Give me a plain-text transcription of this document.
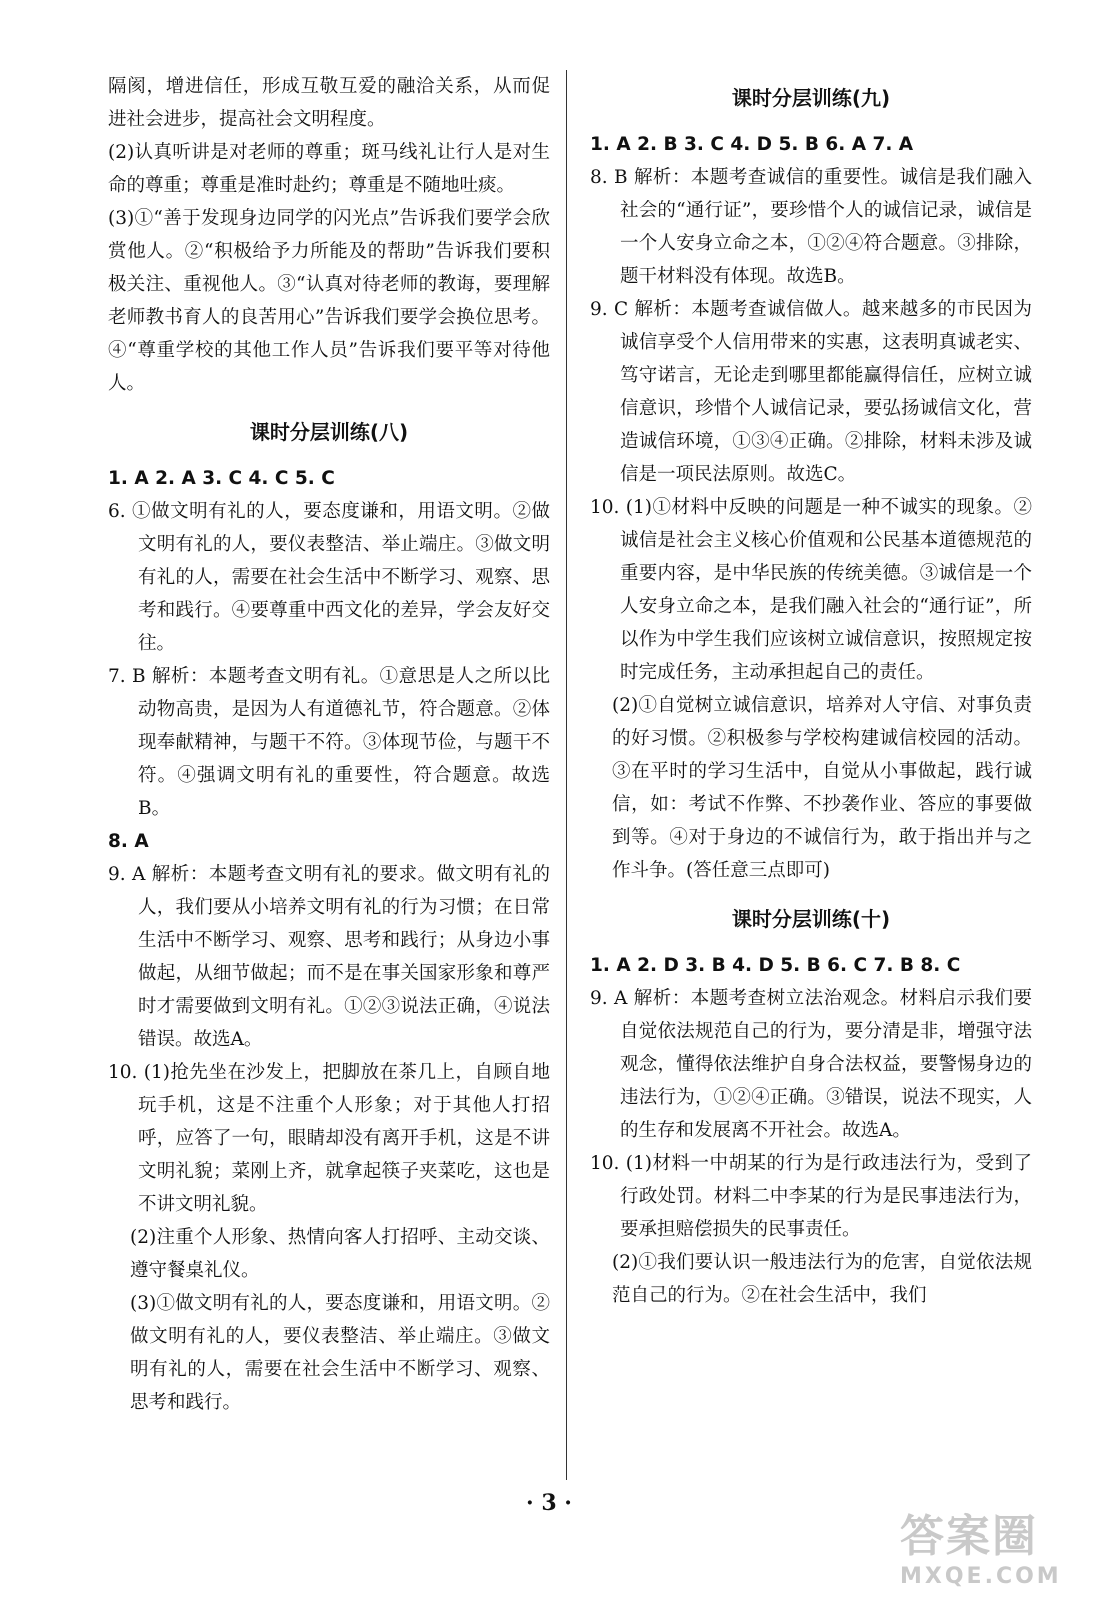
隔阂，增进信任，形成互敬互爱的融洽关系，从而促进社会进步，提高社会文明程度。

(2)认真听讲是对老师的尊重；斑马线礼让行人是对生命的尊重；尊重是准时赴约；尊重是不随地吐痰。

(3)①“善于发现身边同学的闪光点”告诉我们要学会欣赏他人。②“积极给予力所能及的帮助”告诉我们要积极关注、重视他人。③“认真对待老师的教诲，要理解老师教书育人的良苦用心”告诉我们要学会换位思考。④“尊重学校的其他工作人员”告诉我们要平等对待他人。

课时分层训练(八)

1. A 2. A 3. C 4. C 5. C

6. ①做文明有礼的人，要态度谦和，用语文明。②做文明有礼的人，要仪表整洁、举止端庄。③做文明有礼的人，需要在社会生活中不断学习、观察、思考和践行。④要尊重中西文化的差异，学会友好交往。

7. B 解析：本题考查文明有礼。①意思是人之所以比动物高贵，是因为人有道德礼节，符合题意。②体现奉献精神，与题干不符。③体现节俭，与题干不符。④强调文明有礼的重要性，符合题意。故选B。

8. A

9. A 解析：本题考查文明有礼的要求。做文明有礼的人，我们要从小培养文明有礼的行为习惯；在日常生活中不断学习、观察、思考和践行；从身边小事做起，从细节做起；而不是在事关国家形象和尊严时才需要做到文明有礼。①②③说法正确，④说法错误。故选A。

10. (1)抢先坐在沙发上，把脚放在茶几上，自顾自地玩手机，这是不注重个人形象；对于其他人打招呼，应答了一句，眼睛却没有离开手机，这是不讲文明礼貌；菜刚上齐，就拿起筷子夹菜吃，这也是不讲文明礼貌。

(2)注重个人形象、热情向客人打招呼、主动交谈、遵守餐桌礼仪。

(3)①做文明有礼的人，要态度谦和，用语文明。②做文明有礼的人，要仪表整洁、举止端庄。③做文明有礼的人，需要在社会生活中不断学习、观察、思考和践行。

课时分层训练(九)

1. A 2. B 3. C 4. D 5. B 6. A 7. A

8. B 解析：本题考查诚信的重要性。诚信是我们融入社会的“通行证”，要珍惜个人的诚信记录，诚信是一个人安身立命之本，①②④符合题意。③排除，题干材料没有体现。故选B。

9. C 解析：本题考查诚信做人。越来越多的市民因为诚信享受个人信用带来的实惠，这表明真诚老实、笃守诺言，无论走到哪里都能赢得信任，应树立诚信意识，珍惜个人诚信记录，要弘扬诚信文化，营造诚信环境，①③④正确。②排除，材料未涉及诚信是一项民法原则。故选C。

10. (1)①材料中反映的问题是一种不诚实的现象。②诚信是社会主义核心价值观和公民基本道德规范的重要内容，是中华民族的传统美德。③诚信是一个人安身立命之本，是我们融入社会的“通行证”，所以作为中学生我们应该树立诚信意识，按照规定按时完成任务，主动承担起自己的责任。

(2)①自觉树立诚信意识，培养对人守信、对事负责的好习惯。②积极参与学校构建诚信校园的活动。③在平时的学习生活中，自觉从小事做起，践行诚信，如：考试不作弊、不抄袭作业、答应的事要做到等。④对于身边的不诚信行为，敢于指出并与之作斗争。(答任意三点即可)

课时分层训练(十)

1. A 2. D 3. B 4. D 5. B 6. C 7. B 8. C

9. A 解析：本题考查树立法治观念。材料启示我们要自觉依法规范自己的行为，要分清是非，增强守法观念，懂得依法维护自身合法权益，要警惕身边的违法行为，①②④正确。③错误，说法不现实，人的生存和发展离不开社会。故选A。

10. (1)材料一中胡某的行为是行政违法行为，受到了行政处罚。材料二中李某的行为是民事违法行为，要承担赔偿损失的民事责任。

(2)①我们要认识一般违法行为的危害，自觉依法规范自己的行为。②在社会生活中，我们

· 3 ·
答案圈
MXQE.COM
